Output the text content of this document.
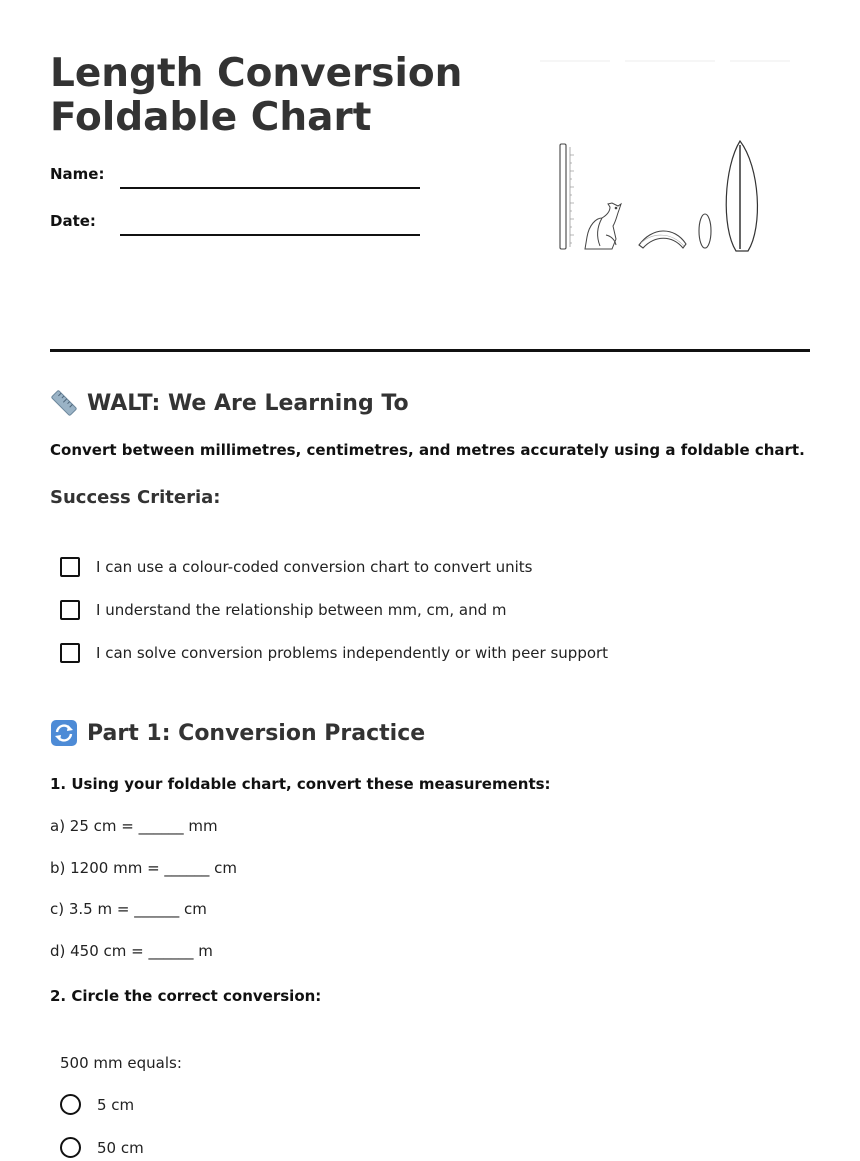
Length Conversion
Foldable Chart
Name:
Date:
WALT: We Are Learning To
Convert between millimetres, centimetres, and metres accurately using a foldable chart.
Success Criteria:
I can use a colour-coded conversion chart to convert units
I understand the relationship between mm, cm, and m
I can solve conversion problems independently or with peer support
Part 1: Conversion Practice
1. Using your foldable chart, convert these measurements:
a) 25 cm = ______ mm
b) 1200 mm = ______ cm
c) 3.5 m = ______ cm
d) 450 cm = ______ m
2. Circle the correct conversion:
500 mm equals:
5 cm
50 cm
